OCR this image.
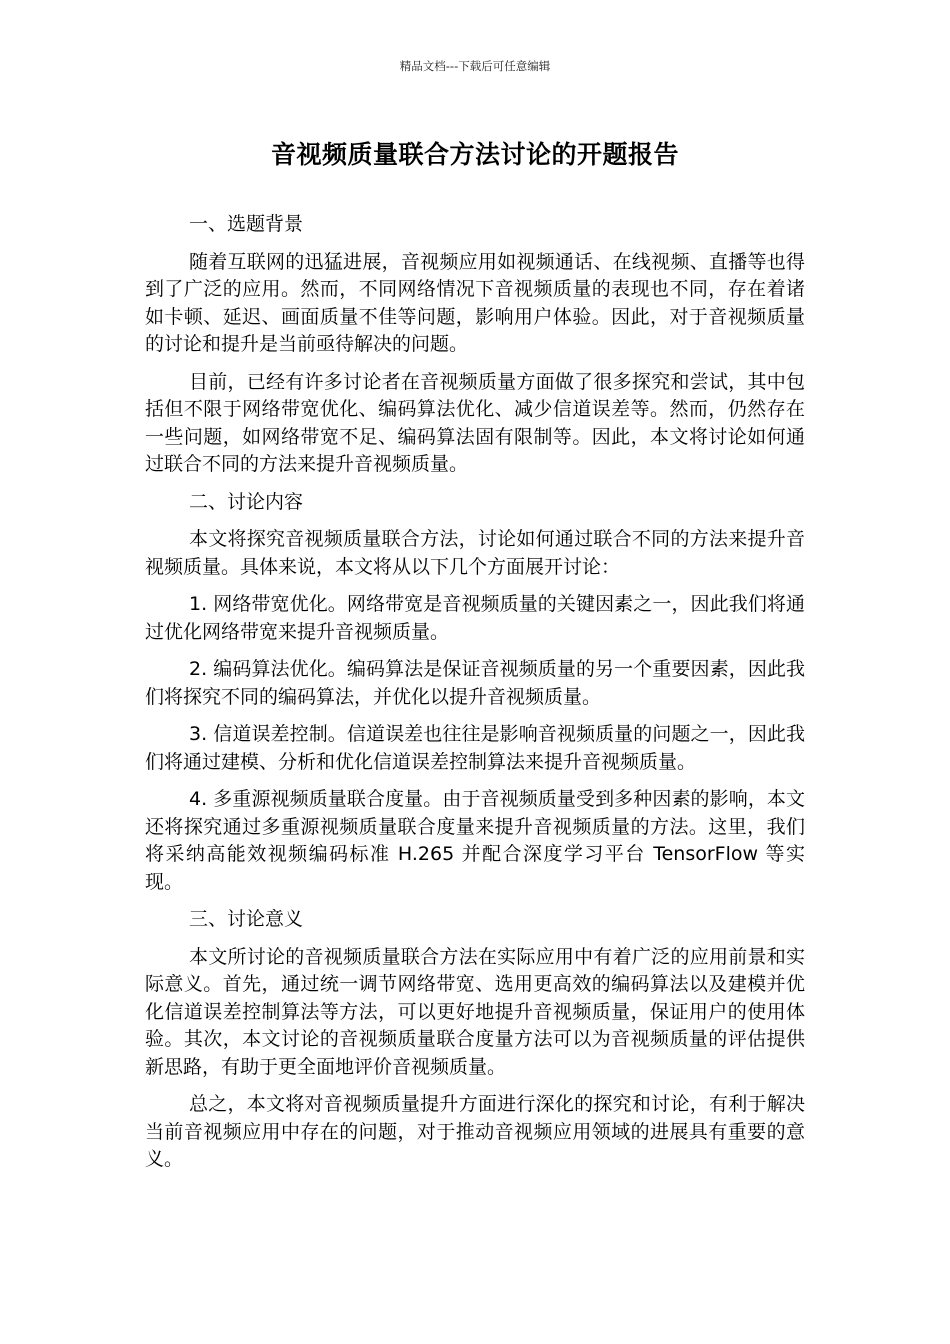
精品文档---下载后可任意编辑
音视频质量联合方法讨论的开题报告
一、选题背景

随着互联网的迅猛进展，音视频应用如视频通话、在线视频、直播等也得到了广泛的应用。然而，不同网络情况下音视频质量的表现也不同，存在着诸如卡顿、延迟、画面质量不佳等问题，影响用户体验。因此，对于音视频质量的讨论和提升是当前亟待解决的问题。

目前，已经有许多讨论者在音视频质量方面做了很多探究和尝试，其中包括但不限于网络带宽优化、编码算法优化、减少信道误差等。然而，仍然存在一些问题，如网络带宽不足、编码算法固有限制等。因此，本文将讨论如何通过联合不同的方法来提升音视频质量。

二、讨论内容

本文将探究音视频质量联合方法，讨论如何通过联合不同的方法来提升音视频质量。具体来说，本文将从以下几个方面展开讨论：

1. 网络带宽优化。网络带宽是音视频质量的关键因素之一，因此我们将通过优化网络带宽来提升音视频质量。

2. 编码算法优化。编码算法是保证音视频质量的另一个重要因素，因此我们将探究不同的编码算法，并优化以提升音视频质量。

3. 信道误差控制。信道误差也往往是影响音视频质量的问题之一，因此我们将通过建模、分析和优化信道误差控制算法来提升音视频质量。

4. 多重源视频质量联合度量。由于音视频质量受到多种因素的影响，本文还将探究通过多重源视频质量联合度量来提升音视频质量的方法。这里，我们将采纳高能效视频编码标准 H.265 并配合深度学习平台 TensorFlow 等实现。

三、讨论意义

本文所讨论的音视频质量联合方法在实际应用中有着广泛的应用前景和实际意义。首先，通过统一调节网络带宽、选用更高效的编码算法以及建模并优化信道误差控制算法等方法，可以更好地提升音视频质量，保证用户的使用体验。其次，本文讨论的音视频质量联合度量方法可以为音视频质量的评估提供新思路，有助于更全面地评价音视频质量。

总之，本文将对音视频质量提升方面进行深化的探究和讨论，有利于解决当前音视频应用中存在的问题，对于推动音视频应用领域的进展具有重要的意义。
